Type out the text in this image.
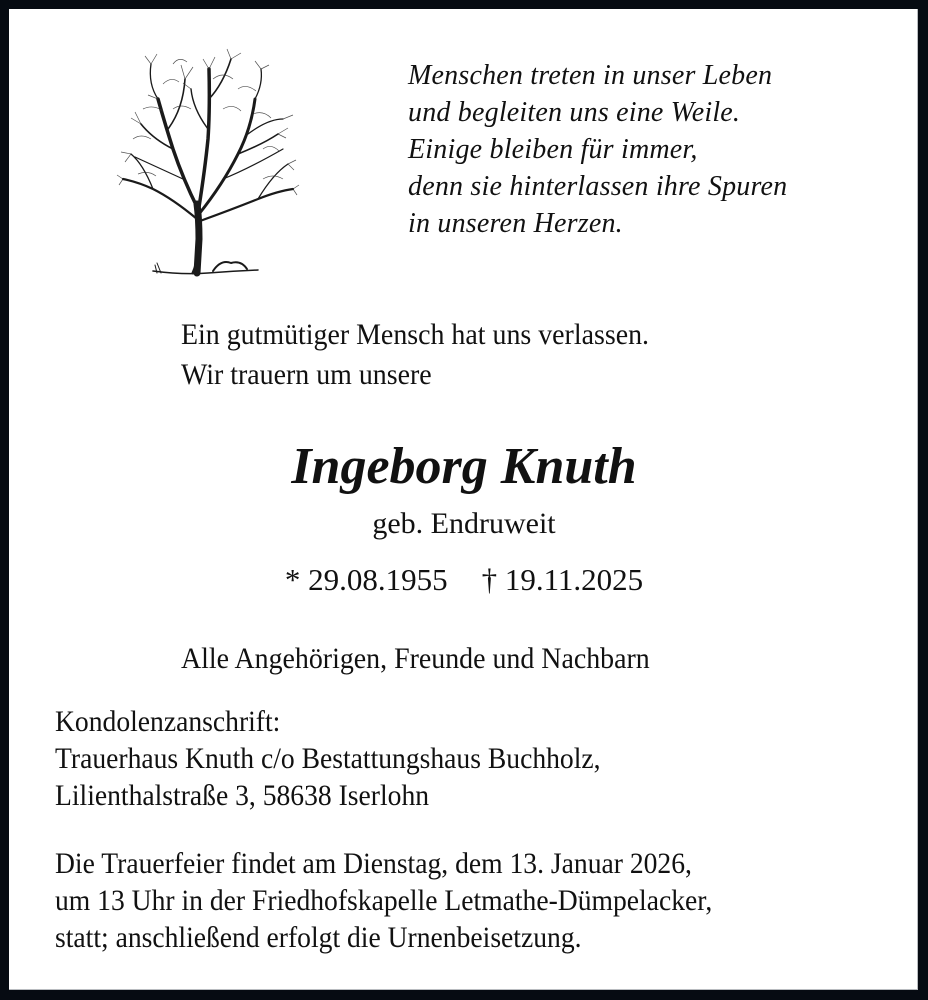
Menschen treten in unser Leben
und begleiten uns eine Weile.
Einige bleiben für immer,
denn sie hinterlassen ihre Spuren
in unseren Herzen.
Ein gutmütiger Mensch hat uns verlassen.
Wir trauern um unsere
Ingeborg Knuth
geb. Endruweit
* 29.08.1955 † 19.11.2025
Alle Angehörigen, Freunde und Nachbarn
Kondolenzanschrift:
Trauerhaus Knuth c/o Bestattungshaus Buchholz,
Lilienthalstraße 3, 58638 Iserlohn
Die Trauerfeier findet am Dienstag, dem 13. Januar 2026,
um 13 Uhr in der Friedhofskapelle Letmathe-Dümpelacker,
statt; anschließend erfolgt die Urnenbeisetzung.
